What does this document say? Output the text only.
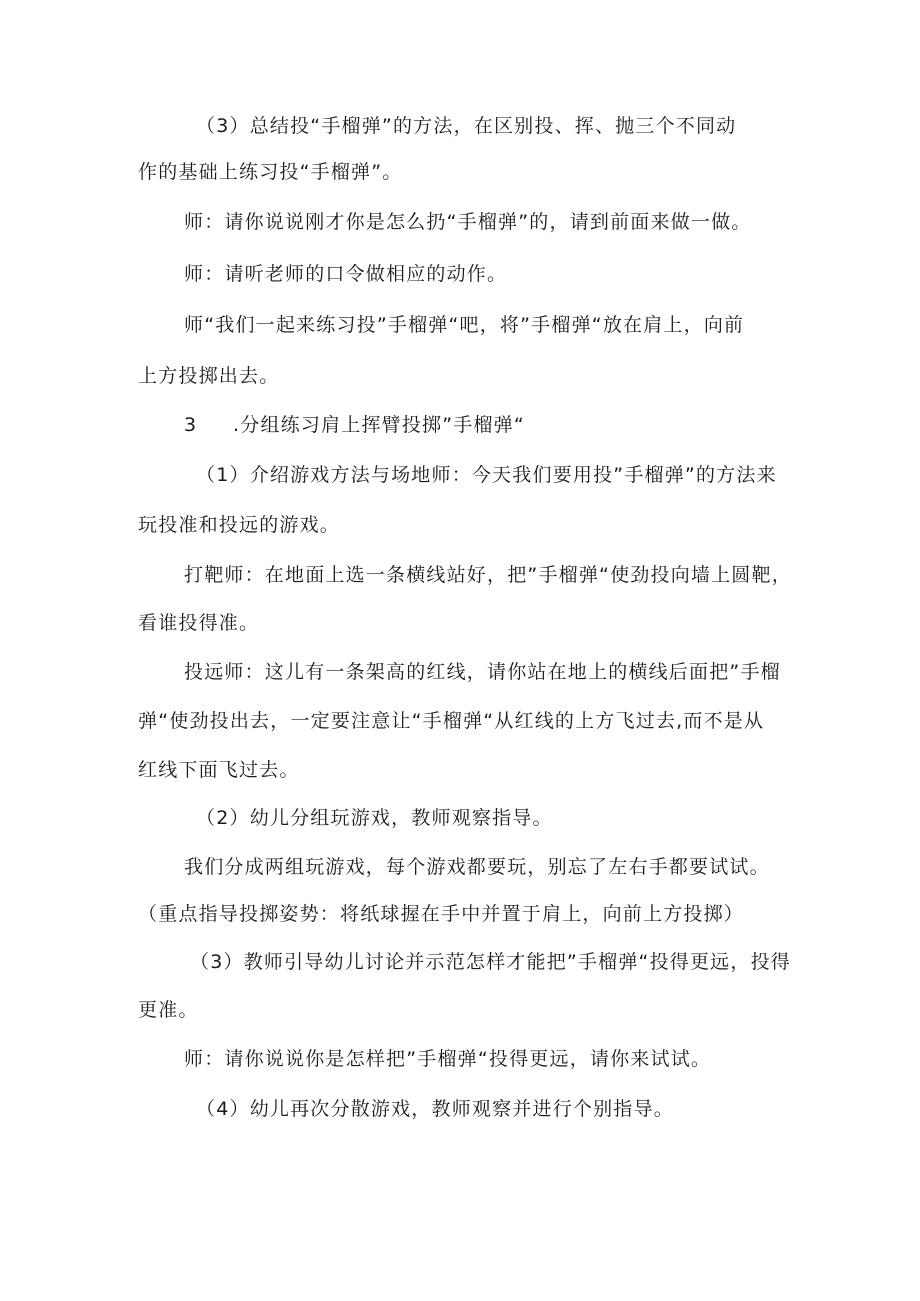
（3）总结投“手榴弹”的方法，在区别投、挥、抛三个不同动
作的基础上练习投“手榴弹”。
师：请你说说刚才你是怎么扔“手榴弹”的，请到前面来做一做。
师：请听老师的口令做相应的动作。
师“我们一起来练习投”手榴弹“吧，将”手榴弹“放在肩上，向前
上方投掷出去。
3 .分组练习肩上挥臂投掷”手榴弹“
（1）介绍游戏方法与场地师：今天我们要用投”手榴弹”的方法来
玩投准和投远的游戏。
打靶师：在地面上选一条横线站好，把”手榴弹“使劲投向墙上圆靶，
看谁投得准。
投远师：这儿有一条架高的红线，请你站在地上的横线后面把”手榴
弹“使劲投出去，一定要注意让“手榴弹“从红线的上方飞过去,而不是从
红线下面飞过去。
（2）幼儿分组玩游戏，教师观察指导。
我们分成两组玩游戏，每个游戏都要玩，别忘了左右手都要试试。
（重点指导投掷姿势：将纸球握在手中并置于肩上，向前上方投掷）
（3）教师引导幼儿讨论并示范怎样才能把”手榴弹“投得更远，投得
更准。
师：请你说说你是怎样把”手榴弹“投得更远，请你来试试。
（4）幼儿再次分散游戏，教师观察并进行个别指导。
